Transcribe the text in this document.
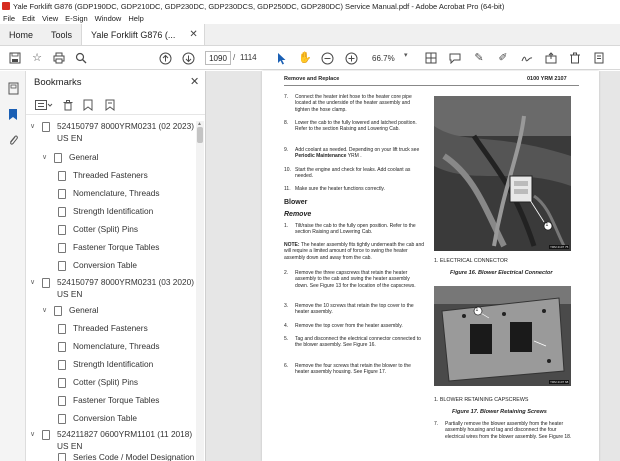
Yale Forklift G876 (GDP190DC, GDP210DC, GDP230DC, GDP230DCS, GDP250DC, GDP280DC) Service Manual.pdf - Adobe Acrobat Pro (64-bit)
File Edit View E-Sign Window Help
Home	Tools	Yale Forklift G876 (... ✕
☆
1090	/ 1114	✋	66.7%	▾	✎ ✐
Bookmarks	✕
∨	524150797 8000YRM0231 (02 2023)
US EN
∨	General
Threaded Fasteners
Nomenclature, Threads
Strength Identification
Cotter (Split) Pins
Fastener Torque Tables
Conversion Table
∨	524150797 8000YRM0231 (03 2020)
US EN
∨	General
Threaded Fasteners
Nomenclature, Threads
Strength Identification
Cotter (Split) Pins
Fastener Torque Tables
Conversion Table
∨	524211827 0600YRM1101 (11 2018)
US EN
Series Code / Model Designation
▲
Remove and Replace	0100 YRM 2107
7. Connect the heater inlet hose to the heater core pipe located at the underside of the heater assembly and tighten the hose clamp.
8. Lower the cab to the fully lowered and latched position. Refer to the section Raising and Lowering Cab.
9. Add coolant as needed. Depending on your lift truck see Periodic Maintenance YRM .
10. Start the engine and check for leaks. Add coolant as needed.
11. Make sure the heater functions correctly.
Blower
Remove
1. Tilt/raise the cab to the fully open position. Refer to the section Raising and Lowering Cab.
NOTE: The heater assembly fits tightly underneath the cab and will require a limited amount of force to swing the heater assembly down and away from the cab.
2. Remove the three capscrews that retain the heater assembly to the cab and swing the heater assembly down. See Figure 13 for the location of the capscrews.
3. Remove the 10 screws that retain the top cover to the heater assembly.
4. Remove the top cover from the heater assembly.
5. Tag and disconnect the electrical connector connected to the blower assembly. See Figure 16.
6. Remove the four screws that retain the blower to the heater assembly housing. See Figure 17.
1
YRM 2107 75
1. ELECTRICAL CONNECTOR
Figure 16. Blower Electrical Connector
1
YRM 2107 68
1. BLOWER RETAINING CAPSCREWS
Figure 17. Blower Retaining Screws
7. Partially remove the blower assembly from the heater assembly housing and tag and disconnect the four electrical wires from the blower assembly. See Figure 18.
